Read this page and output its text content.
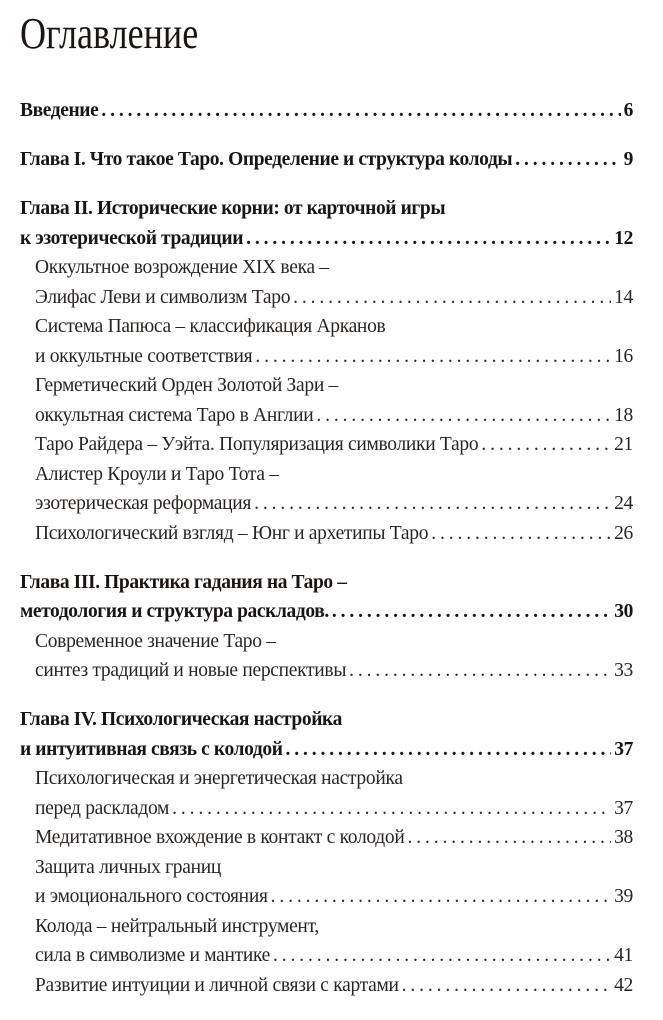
Оглавление
Введение . . .	6
Глава I. Что такое Таро. Определение и структура колоды . . .	9
Глава II. Исторические корни: от карточной игры
к эзотерической традиции . . .	12
Оккультное возрождение XIX века –
Элифас Леви и символизм Таро . . .	14
Система Папюса – классификация Арканов
и оккультные соответствия . . .	16
Герметический Орден Золотой Зари –
оккультная система Таро в Англии . . .	18
Таро Райдера – Уэйта. Популяризация символики Таро . . .	21
Алистер Кроули и Таро Тота –
эзотерическая реформация . . .	24
Психологический взгляд – Юнг и архетипы Таро . . .	26
Глава III. Практика гадания на Таро –
методология и структура раскладов. . . .	30
Современное значение Таро –
синтез традиций и новые перспективы . . .	33
Глава IV. Психологическая настройка
и интуитивная связь с колодой . . .	37
Психологическая и энергетическая настройка
перед раскладом . . .	37
Медитативное вхождение в контакт с колодой . . .	38
Защита личных границ
и эмоционального состояния . . .	39
Колода – нейтральный инструмент,
сила в символизме и мантике . . .	41
Развитие интуиции и личной связи с картами . . .	42
